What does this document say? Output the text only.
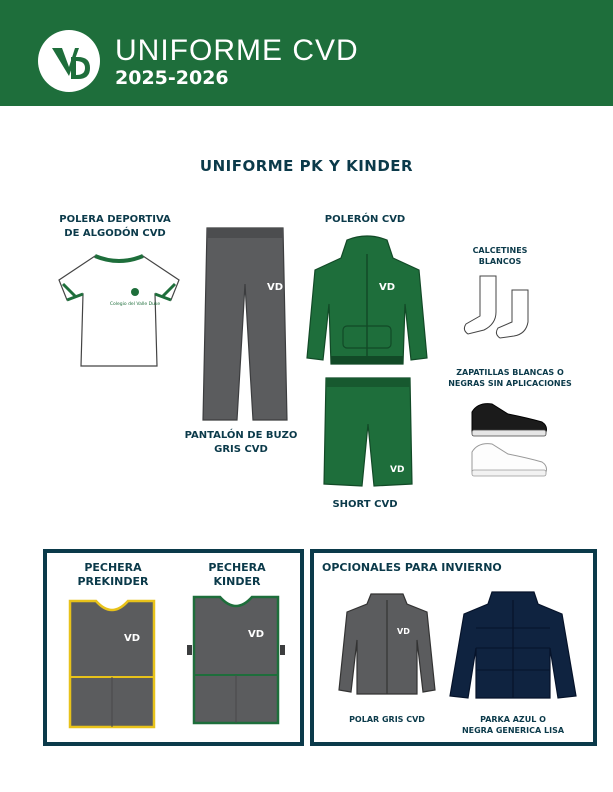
UNIFORME CVD
2025-2026
UNIFORME PK Y KINDER
POLERA DEPORTIVA
DE ALGODÓN CVD
Colegio del Valle Duke
VD
PANTALÓN DE BUZO
GRIS CVD
POLERÓN CVD
VD
VD
SHORT CVD
CALCETINES
BLANCOS
ZAPATILLAS BLANCAS O
NEGRAS SIN APLICACIONES
PECHERA
PREKINDER
PECHERA
KINDER
VD	VD
OPCIONALES PARA INVIERNO
VD
POLAR GRIS CVD	PARKA AZUL O
NEGRA GENERICA LISA
